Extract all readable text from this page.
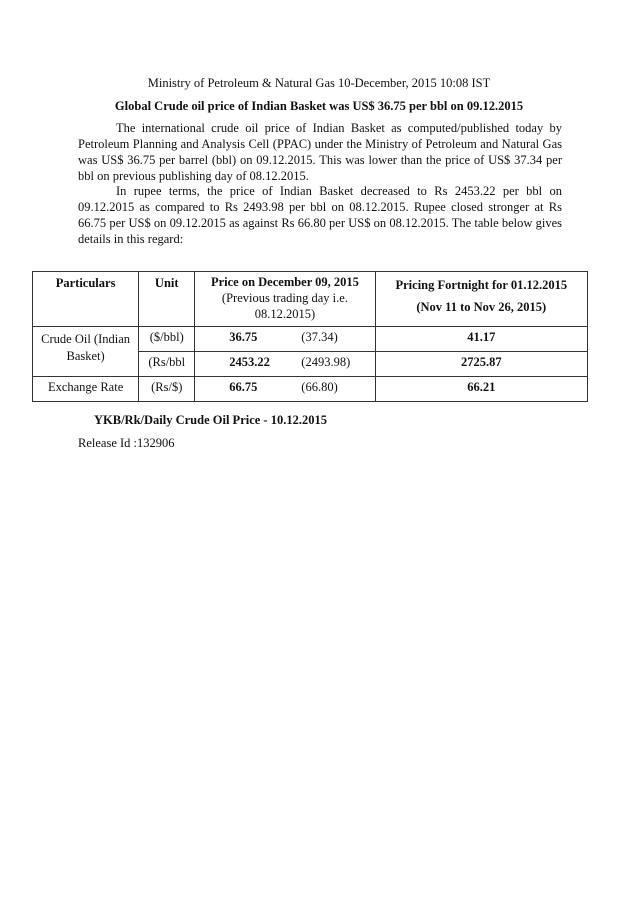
Ministry of Petroleum & Natural Gas 10-December, 2015 10:08 IST
Global Crude oil price of Indian Basket was US$ 36.75 per bbl on 09.12.2015
The international crude oil price of Indian Basket as computed/published today by Petroleum Planning and Analysis Cell (PPAC) under the Ministry of Petroleum and Natural Gas was US$ 36.75 per barrel (bbl) on 09.12.2015. This was lower than the price of US$ 37.34 per bbl on previous publishing day of 08.12.2015.
In rupee terms, the price of Indian Basket decreased to Rs 2453.22 per bbl on 09.12.2015 as compared to Rs 2493.98 per bbl on 08.12.2015. Rupee closed stronger at Rs 66.75 per US$ on 09.12.2015 as against Rs 66.80 per US$ on 08.12.2015. The table below gives details in this regard:
Particulars	Unit	Price on December 09, 2015 (Previous trading day i.e. 08.12.2015)	Pricing Fortnight for 01.12.2015
(Nov 11 to Nov 26, 2015)

Crude Oil (Indian Basket)	($/bbl)	36.75 (37.34)	41.17
	(Rs/bbl	2453.22 (2493.98)	2725.87
Exchange Rate	(Rs/$)	66.75 (66.80)	66.21
YKB/Rk/Daily Crude Oil Price - 10.12.2015
Release Id :132906
